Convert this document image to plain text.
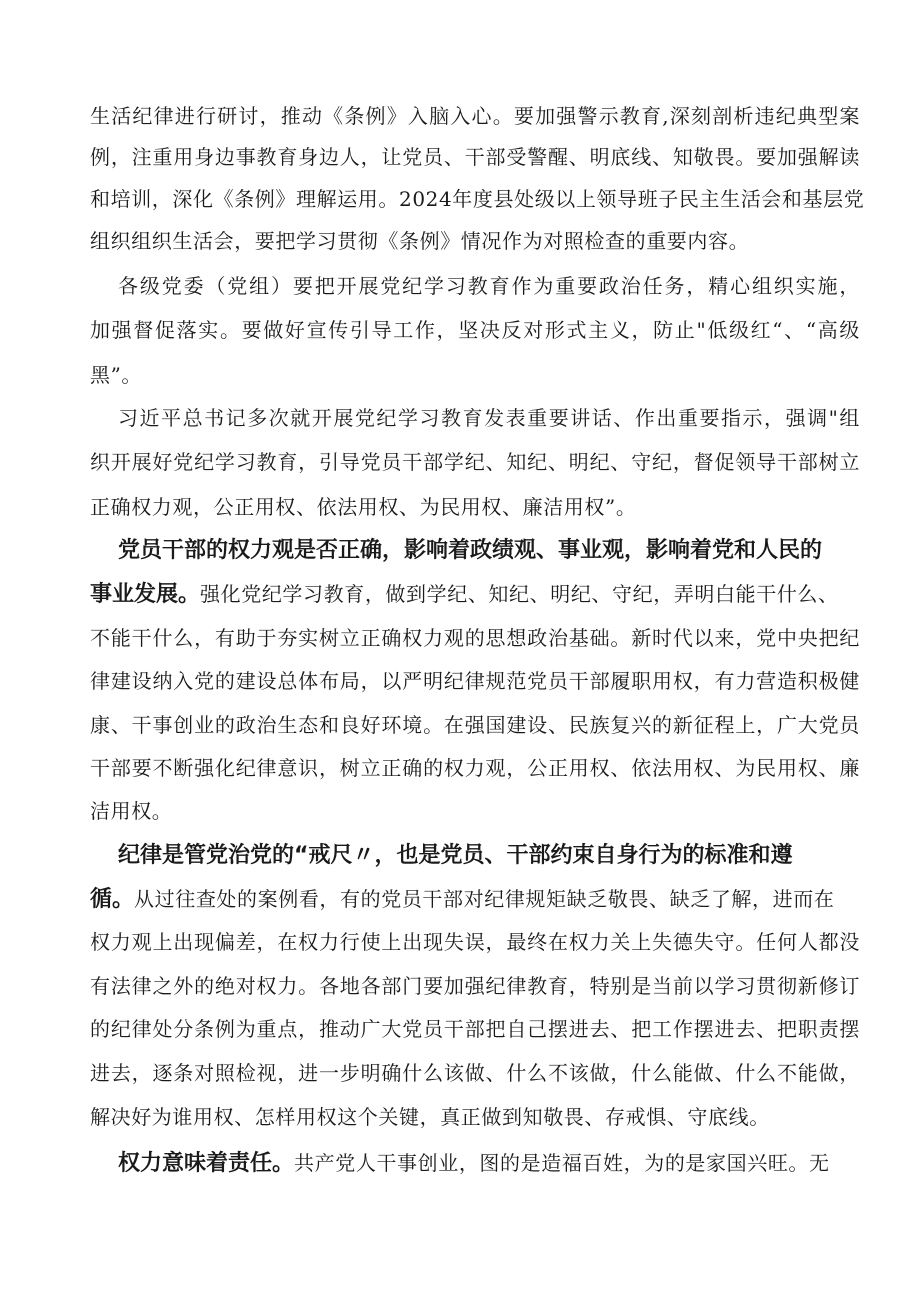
生活纪律进行研讨，推动《条例》入脑入心。要加强警示教育,深刻剖析违纪典型案
例，注重用身边事教育身边人，让党员、干部受警醒、明底线、知敬畏。要加强解读
和培训，深化《条例》理解运用。2024年度县处级以上领导班子民主生活会和基层党
组织组织生活会，要把学习贯彻《条例》情况作为对照检查的重要内容。
各级党委（党组）要把开展党纪学习教育作为重要政治任务，精心组织实施，
加强督促落实。要做好宣传引导工作，坚决反对形式主义，防止"低级红“、“高级
黑”。
习近平总书记多次就开展党纪学习教育发表重要讲话、作出重要指示，强调"组
织开展好党纪学习教育，引导党员干部学纪、知纪、明纪、守纪，督促领导干部树立
正确权力观，公正用权、依法用权、为民用权、廉洁用权”。
党员干部的权力观是否正确，影响着政绩观、事业观，影响着党和人民的
事业发展。强化党纪学习教育，做到学纪、知纪、明纪、守纪，弄明白能干什么、
不能干什么，有助于夯实树立正确权力观的思想政治基础。新时代以来，党中央把纪
律建设纳入党的建设总体布局，以严明纪律规范党员干部履职用权，有力营造积极健
康、干事创业的政治生态和良好环境。在强国建设、民族复兴的新征程上，广大党员
干部要不断强化纪律意识，树立正确的权力观，公正用权、依法用权、为民用权、廉
洁用权。
纪律是管党治党的“戒尺〃，也是党员、干部约束自身行为的标准和遵
循。从过往查处的案例看，有的党员干部对纪律规矩缺乏敬畏、缺乏了解，进而在
权力观上出现偏差，在权力行使上出现失误，最终在权力关上失德失守。任何人都没
有法律之外的绝对权力。各地各部门要加强纪律教育，特别是当前以学习贯彻新修订
的纪律处分条例为重点，推动广大党员干部把自己摆进去、把工作摆进去、把职责摆
进去，逐条对照检视，进一步明确什么该做、什么不该做，什么能做、什么不能做，
解决好为谁用权、怎样用权这个关键，真正做到知敬畏、存戒惧、守底线。
权力意味着责任。共产党人干事创业，图的是造福百姓，为的是家国兴旺。无
